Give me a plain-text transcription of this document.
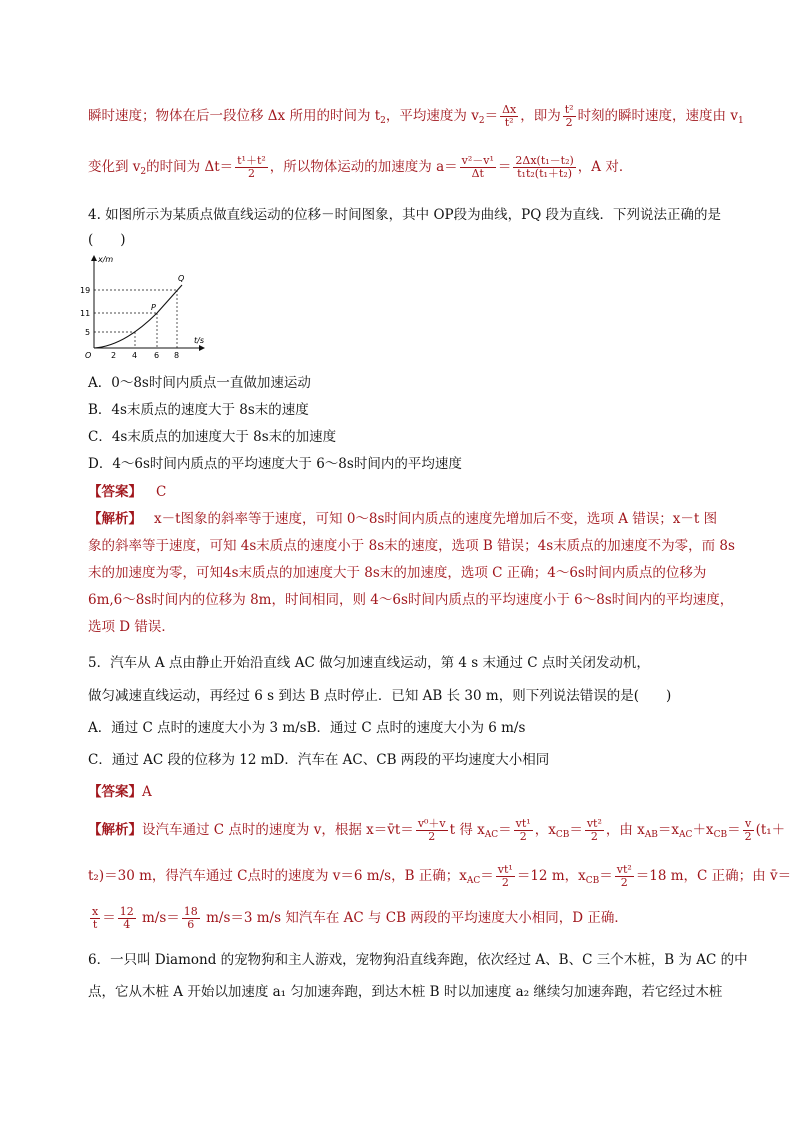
瞬时速度；物体在后一段位移 Δx 所用的时间为 $t_2$，平均速度为 $v_2= \frac{\Delta x}{\text{t²}}$ ，即为 $\frac{\text{t²}}{2}$ 时刻的瞬时速度，速度由 $v_1$
变化到 $v_2$的时间为 $\Delta t= \frac{\text{t¹＋t²}}{2}$ ，所以物体运动的加速度为 $a= \frac{\text{v²－v¹}}{\Delta t} = \frac{\text{2Δx(t₁－t₂)}}{\text{t₁t₂(t₁＋t₂)}}$ ，A 对．
4. 如图所示为某质点做直线运动的位移－时间图象，其中 OP段为曲线，PQ 段为直线．下列说法正确的是
(　　)
x/m
t/s
O
19
11
5
2 4 6 8
P
Q
A．0～8s时间内质点一直做加速运动
B．4s末质点的速度大于 8s末的速度
C．4s末质点的加速度大于 8s末的加速度
D．4～6s时间内质点的平均速度大于 6～8s时间内的平均速度
【答案】 C
【解析】 x－t图象的斜率等于速度，可知 0～8s时间内质点的速度先增加后不变，选项 A 错误；x－t 图
象的斜率等于速度，可知 4s末质点的速度小于 8s末的速度，选项 B 错误；4s末质点的加速度不为零，而 8s
末的加速度为零，可知4s末质点的加速度大于 8s末的加速度，选项 C 正确；4～6s时间内质点的位移为
6m,6～8s时间内的位移为 8m，时间相同，则 4～6s时间内质点的平均速度小于 6～8s时间内的平均速度，
选项 D 错误．
5．汽车从 A 点由静止开始沿直线 AC 做匀加速直线运动，第 4 s 末通过 C 点时关闭发动机，
做匀减速直线运动，再经过 6 s 到达 B 点时停止．已知 AB 长 30 m，则下列说法错误的是(　　)
A．通过 C 点时的速度大小为 3 m/sB．通过 C 点时的速度大小为 6 m/s
C．通过 AC 段的位移为 12 mD．汽车在 AC、CB 两段的平均速度大小相同
【答案】A
【解析】设汽车通过 C 点时的速度为 v，根据 x＝v̄t＝ $\frac{\text{v⁰＋v}}{2}$ t 得 $x_{AC}= \frac{\text{vt¹}}{2}$ ，$x_{CB}= \frac{\text{vt²}}{2}$ ，由 $x_{AB}=x_{AC}+x_{CB}= \frac{v}{2} (t_1+$
t₂)＝30 m，得汽车通过 C点时的速度为 v＝6 m/s，B 正确；$x_{AC}= \frac{\text{vt¹}}{2} =12$ m，$x_{CB}= \frac{\text{vt²}}{2} =18$ m，C 正确；由 v̄＝
$\frac{x}{t} = \frac{12}{4} m/s= \frac{18}{6} m/s=3$ m/s 知汽车在 AC 与 CB 两段的平均速度大小相同，D 正确．
6．一只叫 Diamond 的宠物狗和主人游戏，宠物狗沿直线奔跑，依次经过 A、B、C 三个木桩，B 为 AC 的中
点，它从木桩 A 开始以加速度 a₁ 匀加速奔跑，到达木桩 B 时以加速度 a₂ 继续匀加速奔跑，若它经过木桩
